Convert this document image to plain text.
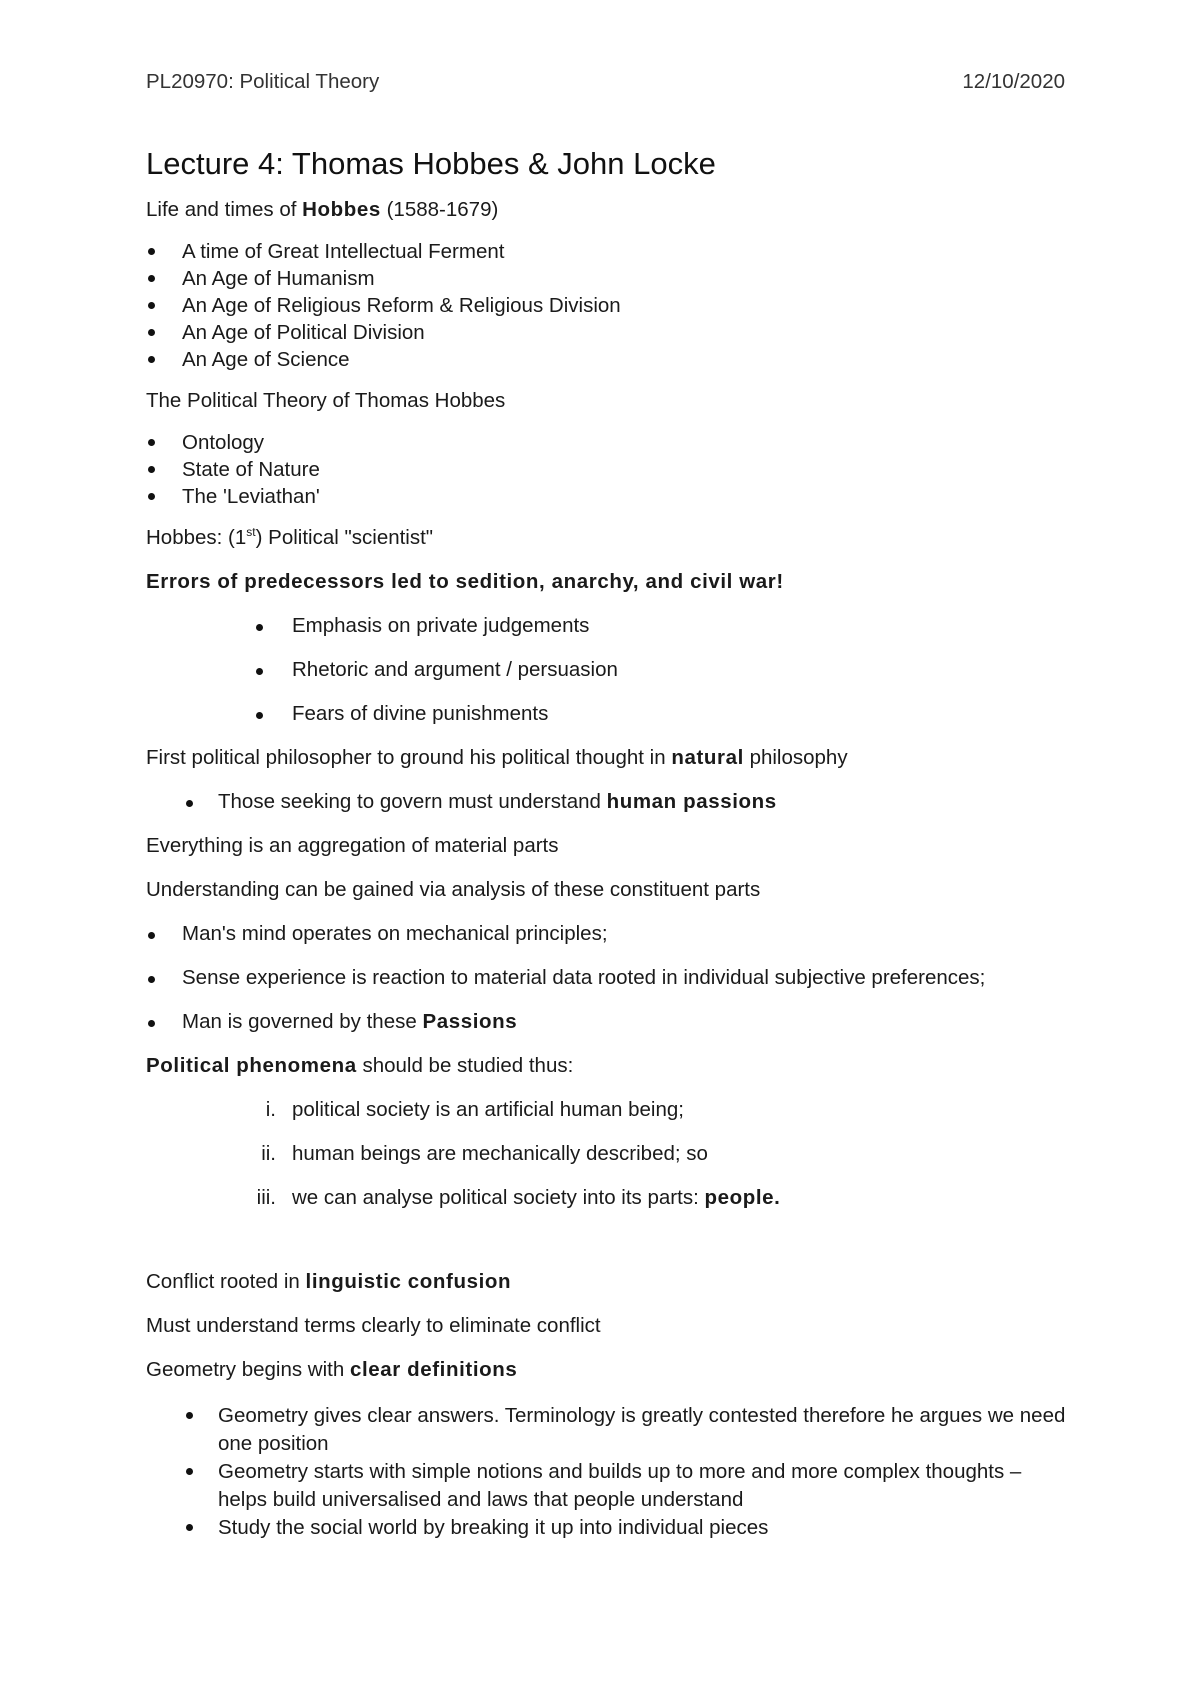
PL20970: Political Theory	12/10/2020
Lecture 4: Thomas Hobbes & John Locke

Life and times of Hobbes (1588-1679)

A time of Great Intellectual Ferment
An Age of Humanism
An Age of Religious Reform & Religious Division
An Age of Political Division
An Age of Science

The Political Theory of Thomas Hobbes

Ontology
State of Nature
The 'Leviathan'

Hobbes: (1st) Political "scientist"

Errors of predecessors led to sedition, anarchy, and civil war!

Emphasis on private judgements
Rhetoric and argument / persuasion
Fears of divine punishments

First political philosopher to ground his political thought in natural philosophy

Those seeking to govern must understand human passions

Everything is an aggregation of material parts

Understanding can be gained via analysis of these constituent parts

Man's mind operates on mechanical principles;
Sense experience is reaction to material data rooted in individual subjective preferences;
Man is governed by these Passions

Political phenomena should be studied thus:

i. political society is an artificial human being;
ii. human beings are mechanically described; so
iii. we can analyse political society into its parts: people.

Conflict rooted in linguistic confusion

Must understand terms clearly to eliminate conflict

Geometry begins with clear definitions

Geometry gives clear answers. Terminology is greatly contested therefore he argues we need one position
Geometry starts with simple notions and builds up to more and more complex thoughts – helps build universalised and laws that people understand
Study the social world by breaking it up into individual pieces
